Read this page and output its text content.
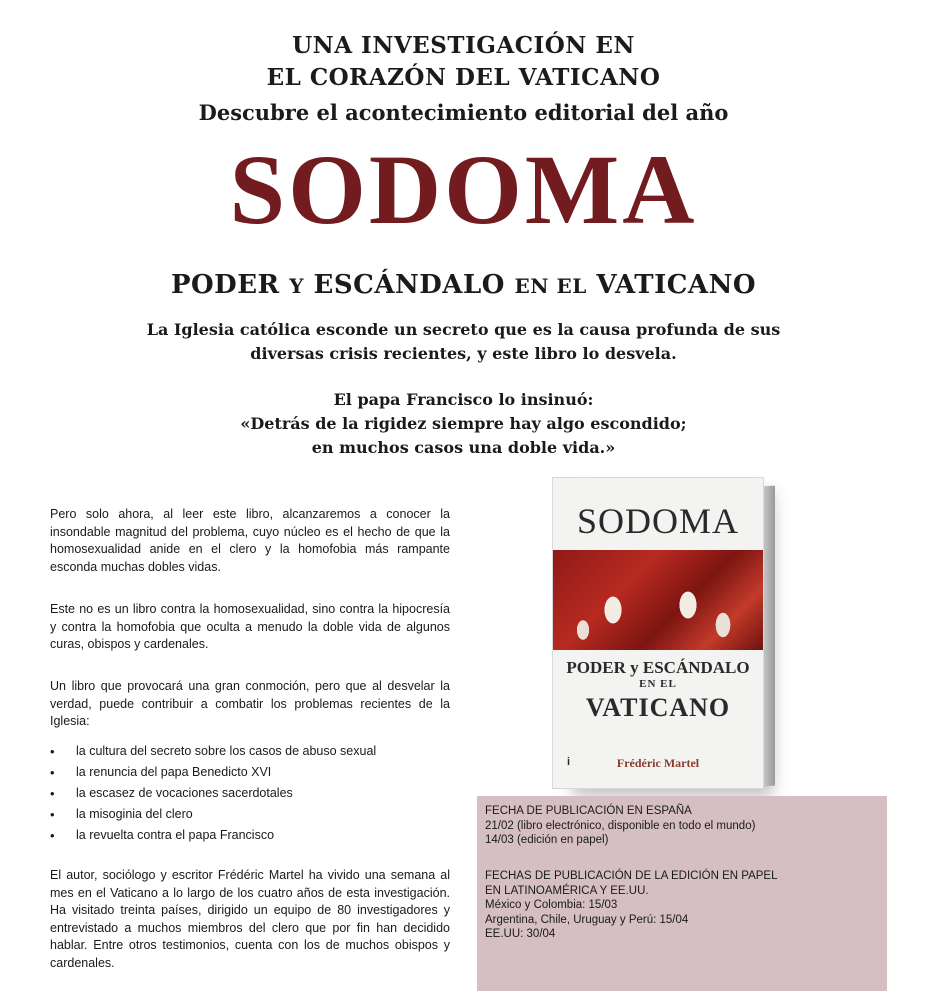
UNA INVESTIGACIÓN EN
EL CORAZÓN DEL VATICANO
Descubre el acontecimiento editorial del año
SODOMA
PODER Y ESCÁNDALO EN EL VATICANO
La Iglesia católica esconde un secreto que es la causa profunda de sus
diversas crisis recientes, y este libro lo desvela.
El papa Francisco lo insinuó:
«Detrás de la rigidez siempre hay algo escondido;
en muchos casos una doble vida.»

Pero solo ahora, al leer este libro, alcanzaremos a conocer la insondable magnitud del problema, cuyo núcleo es el hecho de que la homosexualidad anide en el clero y la homofobia más rampante esconda muchas dobles vidas.

Este no es un libro contra la homosexualidad, sino contra la hipocresía y contra la homofobia que oculta a menudo la doble vida de algunos curas, obispos y cardenales.

Un libro que provocará una gran conmoción, pero que al desvelar la verdad, puede contribuir a combatir los problemas recientes de la Iglesia:

• la cultura del secreto sobre los casos de abuso sexual
• la renuncia del papa Benedicto XVI
• la escasez de vocaciones sacerdotales
• la misoginia del clero
• la revuelta contra el papa Francisco

El autor, sociólogo y escritor Frédéric Martel ha vivido una semana al mes en el Vaticano a lo largo de los cuatro años de esta investigación. Ha visitado treinta países, dirigido un equipo de 80 investigadores y entrevistado a muchos miembros del clero que por fin han decidido hablar. Entre otros testimonios, cuenta con los de muchos obispos y cardenales.

SODOMA
PODER y ESCÁNDALO
EN EL
VATICANO
i	Frédéric Martel
FECHA DE PUBLICACIÓN EN ESPAÑA
21/02 (libro electrónico, disponible en todo el mundo)
14/03 (edición en papel)
FECHAS DE PUBLICACIÓN DE LA EDICIÓN EN PAPEL
EN LATINOAMÉRICA Y EE.UU.
México y Colombia: 15/03
Argentina, Chile, Uruguay y Perú: 15/04
EE.UU: 30/04
